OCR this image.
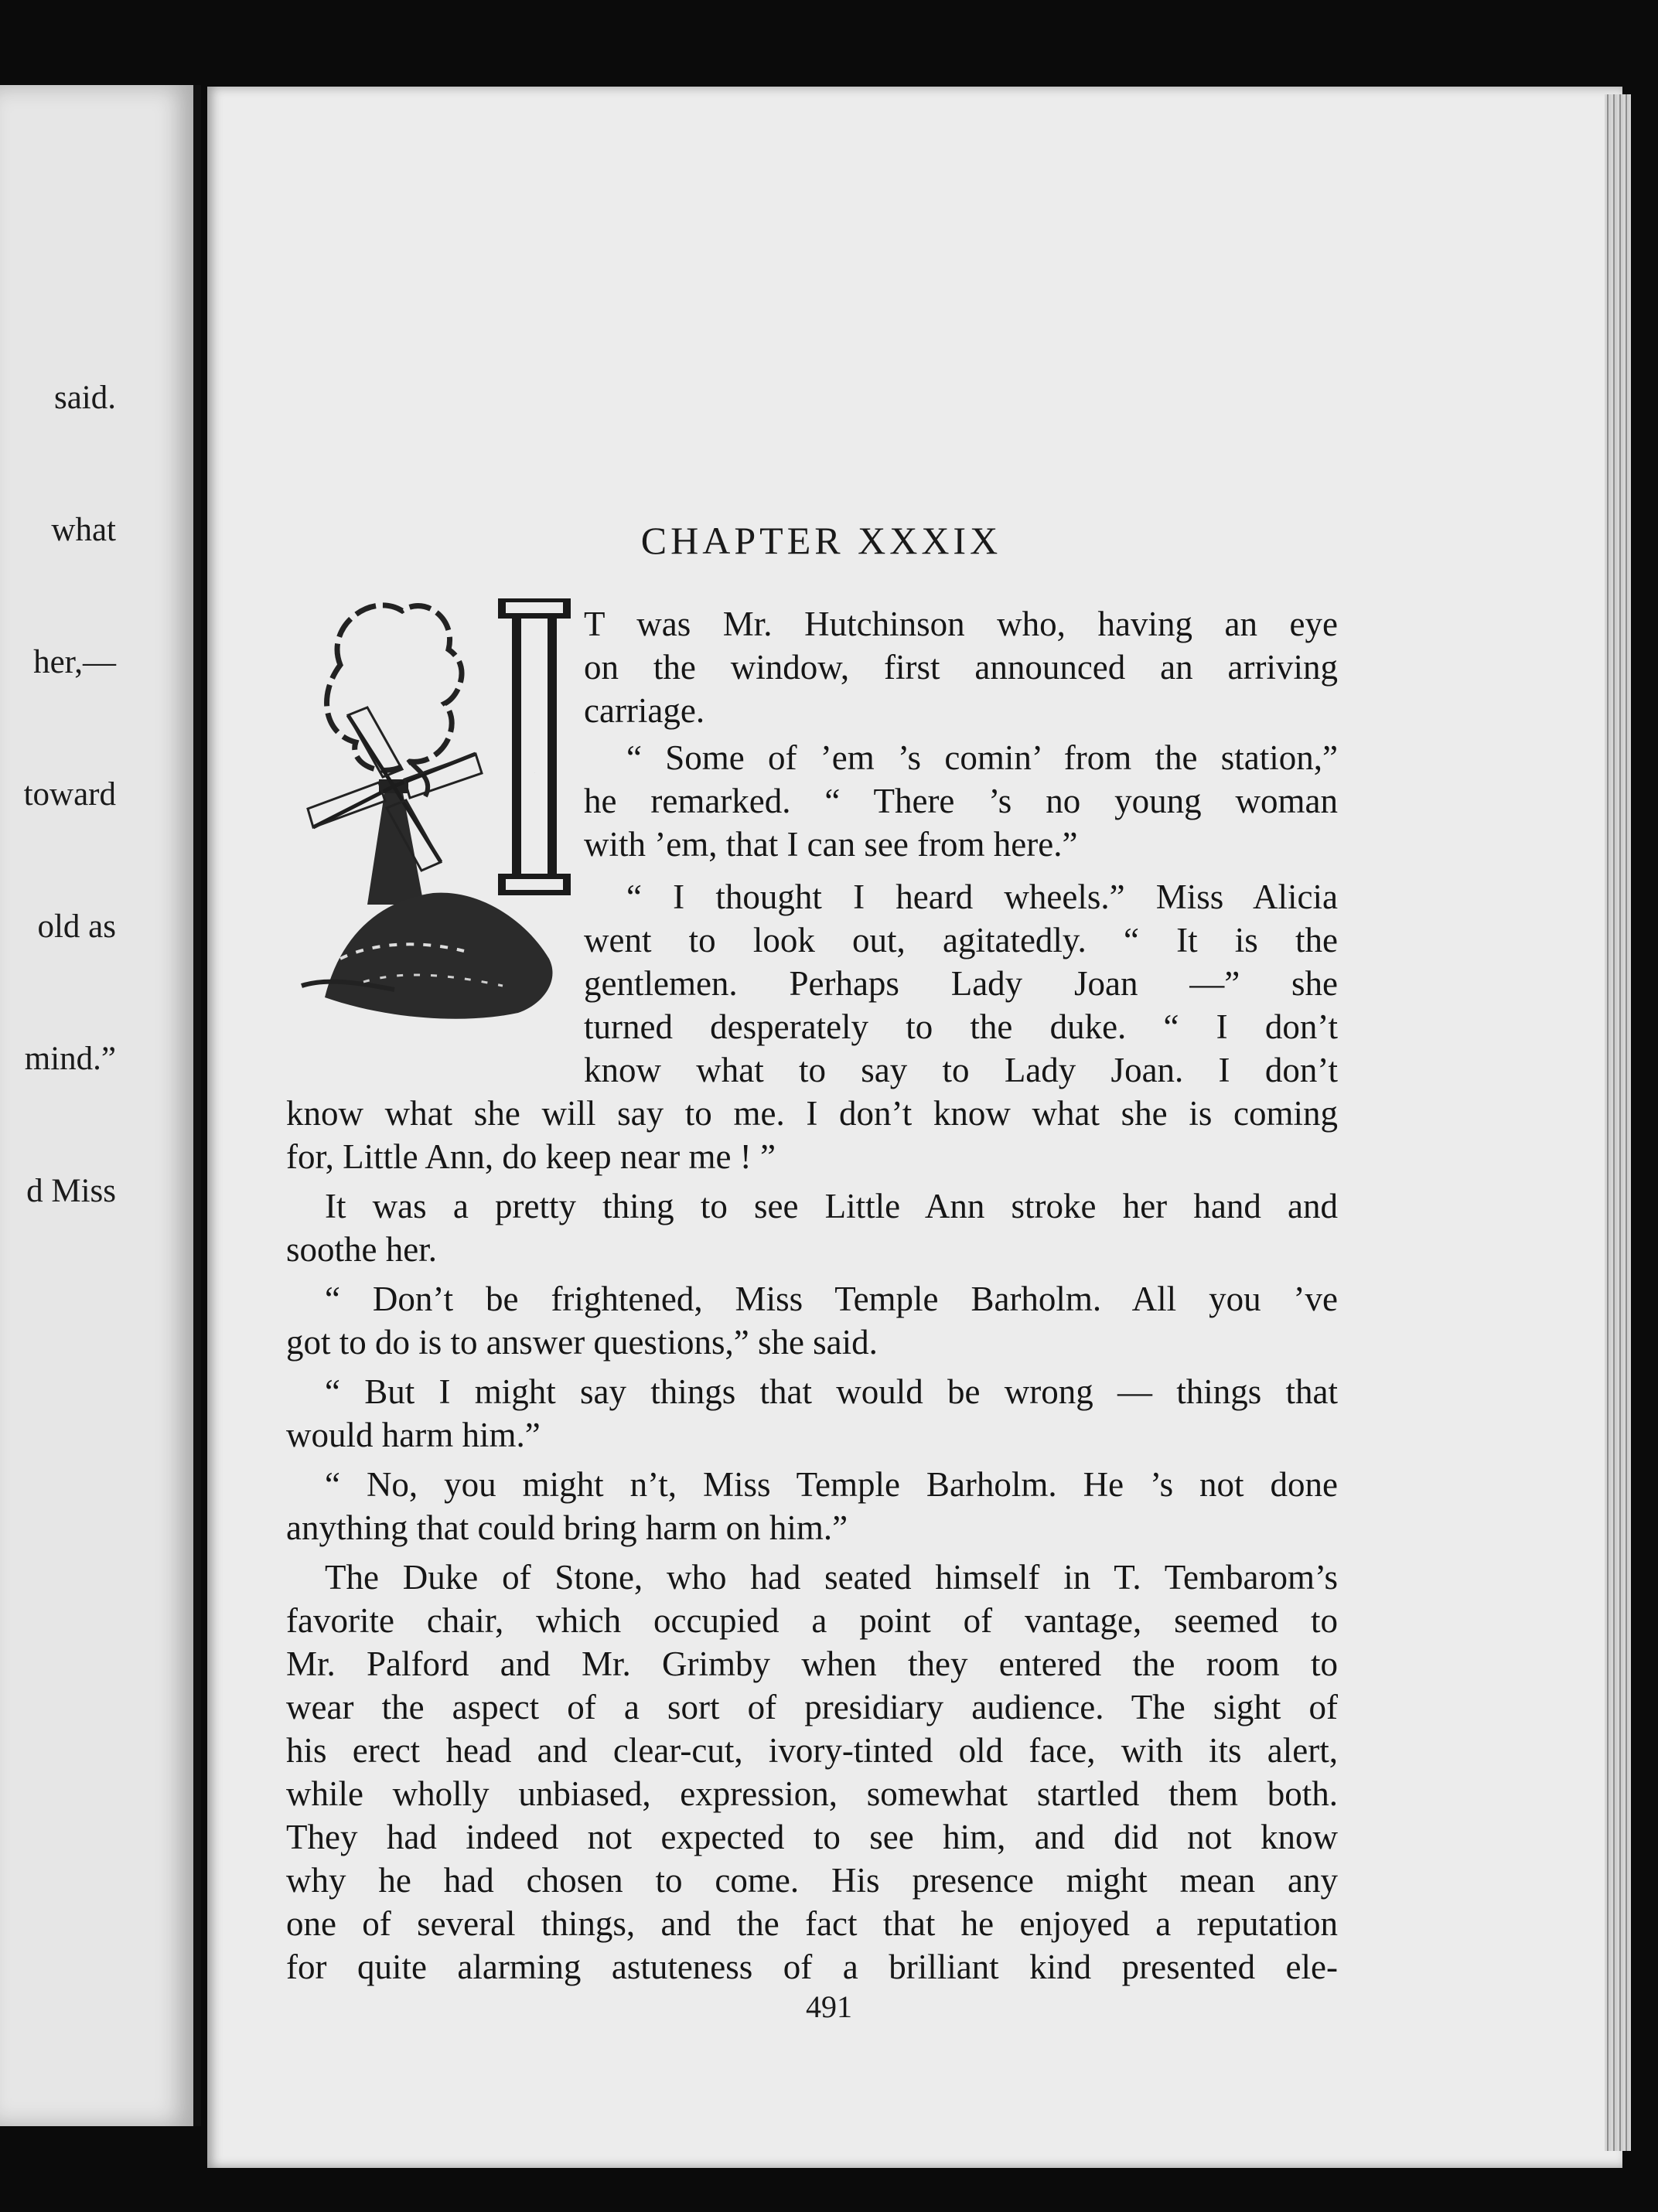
said.

what

her,—

toward

old as

mind.”

d Miss

CHAPTER XXXIX
I
T was Mr. Hutchinson who, having an eye
on the window, first announced an arriving
carriage.
“ Some of ’em ’s comin’ from the station,”
he remarked. “ There ’s no young woman
with ’em, that I can see from here.”
“ I thought I heard wheels.” Miss Alicia
went to look out, agitatedly. “ It is the
gentlemen. Perhaps Lady Joan —” she
turned desperately to the duke. “ I don’t
know what to say to Lady Joan. I don’t
know what she will say to me. I don’t know what she is coming
for, Little Ann, do keep near me ! ”
It was a pretty thing to see Little Ann stroke her hand and
soothe her.
“ Don’t be frightened, Miss Temple Barholm. All you ’ve
got to do is to answer questions,” she said.
“ But I might say things that would be wrong — things that
would harm him.”
“ No, you might n’t, Miss Temple Barholm. He ’s not done
anything that could bring harm on him.”
The Duke of Stone, who had seated himself in T. Tembarom’s
favorite chair, which occupied a point of vantage, seemed to
Mr. Palford and Mr. Grimby when they entered the room to
wear the aspect of a sort of presidiary audience. The sight of
his erect head and clear-cut, ivory-tinted old face, with its alert,
while wholly unbiased, expression, somewhat startled them both.
They had indeed not expected to see him, and did not know
why he had chosen to come. His presence might mean any
one of several things, and the fact that he enjoyed a reputation
for quite alarming astuteness of a brilliant kind presented ele-
491
